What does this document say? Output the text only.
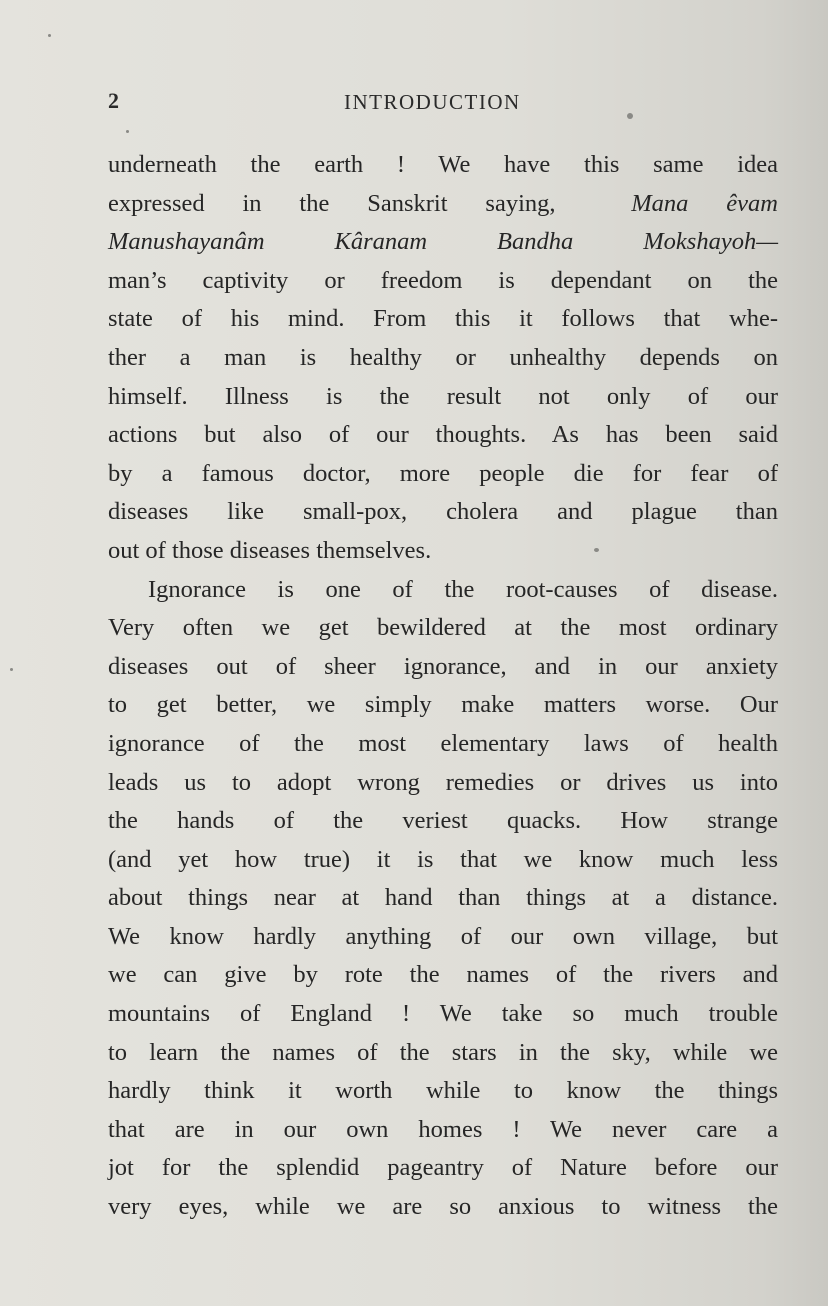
2	INTRODUCTION
underneath the earth ! We have this same idea
expressed in the Sanskrit saying,	Mana êvam
Manushayanâm Kâranam Bandha Mokshayoh—
man’s captivity or freedom is dependant on the
state of his mind. From this it follows that whe-
ther a man is healthy or unhealthy depends on
himself. Illness is the result not only of our
actions but also of our thoughts. As has been said
by a famous doctor, more people die for fear of
diseases like small-pox, cholera and plague than
out of those diseases themselves.
Ignorance is one of the root-causes of disease.
Very often we get bewildered at the most ordinary
diseases out of sheer ignorance, and in our anxiety
to get better, we simply make matters worse. Our
ignorance of the most elementary laws of health
leads us to adopt wrong remedies or drives us into
the hands of the veriest quacks. How strange
(and yet how true) it is that we know much less
about things near at hand than things at a distance.
We know hardly anything of our own village, but
we can give by rote the names of the rivers and
mountains of England ! We take so much trouble
to learn the names of the stars in the sky, while we
hardly think it worth while to know the things
that are in our own homes ! We never care a
jot for the splendid pageantry of Nature before our
very eyes, while we are so anxious to witness the
